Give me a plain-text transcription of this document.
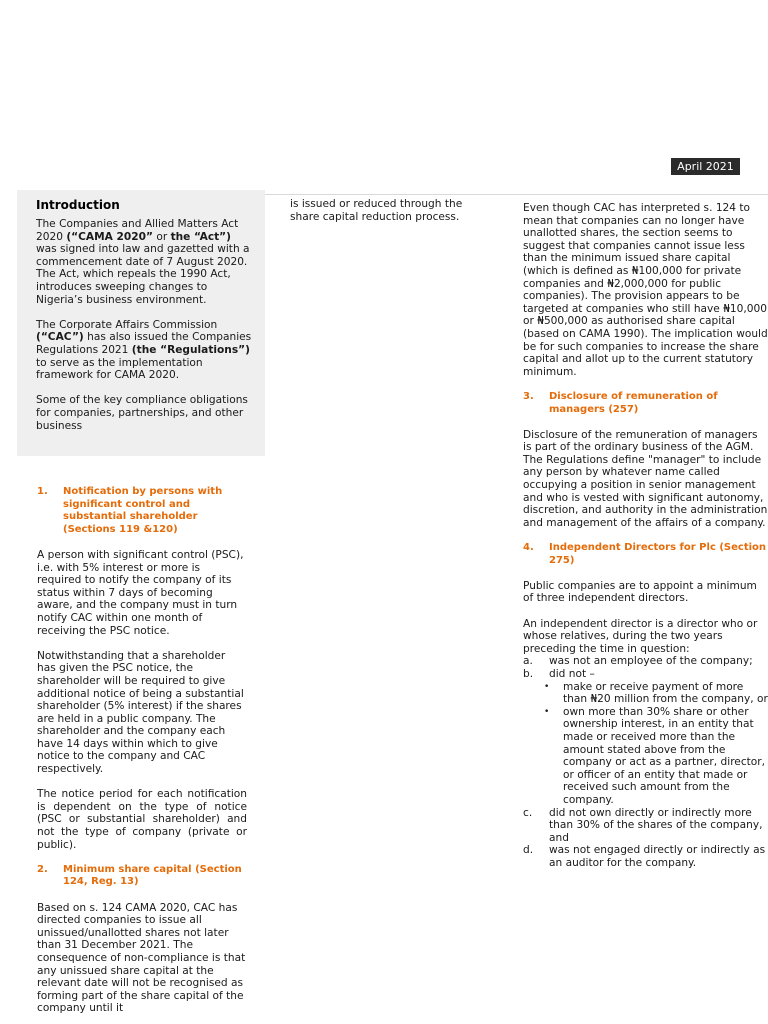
April 2021
Introduction

The Companies and Allied Matters Act 2020 (“CAMA 2020” or the “Act”) was signed into law and gazetted with a commencement date of 7 August 2020. The Act, which repeals the 1990 Act,
introduces sweeping changes to Nigeria’s business environment.

The Corporate Affairs Commission (“CAC”) has also issued the Companies Regulations 2021 (the “Regulations”) to serve as the implementation framework for CAMA 2020.

Some of the key compliance obligations for companies, partnerships, and other business

1. Notification by persons with significant control and substantial shareholder (Sections 119 &120)

A person with significant control (PSC),
i.e. with 5% interest or more is required to notify the company of its status within 7 days of becoming aware, and the company must in turn notify CAC within one month of receiving the PSC notice.

Notwithstanding that a shareholder has given the PSC notice, the shareholder will be required to give additional notice of being a substantial shareholder (5% interest) if the shares are held in a public company. The shareholder and the company each have 14 days within which to give notice to the company and CAC respectively.

The notice period for each notification is dependent on the type of notice (PSC or substantial shareholder) and not the type of company (private or public).

2. Minimum share capital (Section 124, Reg. 13)

Based on s. 124 CAMA 2020, CAC has directed companies to issue all unissued/unallotted shares not later than 31 December 2021. The consequence of non-compliance is that any unissued share capital at the relevant date will not be recognised as forming part of the share capital of the company until it

is issued or reduced through the share capital reduction process.

Even though CAC has interpreted s. 124 to mean that companies can no longer have unallotted shares, the section seems to suggest that companies cannot issue less than the minimum issued share capital (which is defined as ₦100,000 for private companies and ₦2,000,000 for public companies). The provision appears to be targeted at companies who still have ₦10,000 or ₦500,000 as authorised share capital (based on CAMA 1990). The implication would be for such companies to increase the share capital and allot up to the current statutory minimum.

3. Disclosure of remuneration of managers (257)

Disclosure of the remuneration of managers is part of the ordinary business of the AGM. The Regulations define "manager" to include any person by whatever name called occupying a position in senior management and who is vested with significant autonomy, discretion, and authority in the administration and management of the affairs of a company.

4. Independent Directors for Plc (Section 275)

Public companies are to appoint a minimum of three independent directors.

An independent director is a director who or whose relatives, during the two years preceding the time in question:

a. was not an employee of the company;
b. did not –
• make or receive payment of more than ₦20 million from the company, or
• own more than 30% share or other ownership interest, in an entity that made or received more than the amount stated above from the company or act as a partner, director, or officer of an entity that made or received such amount from the company.
c. did not own directly or indirectly more than 30% of the shares of the company, and
d. was not engaged directly or indirectly as an auditor for the company.
